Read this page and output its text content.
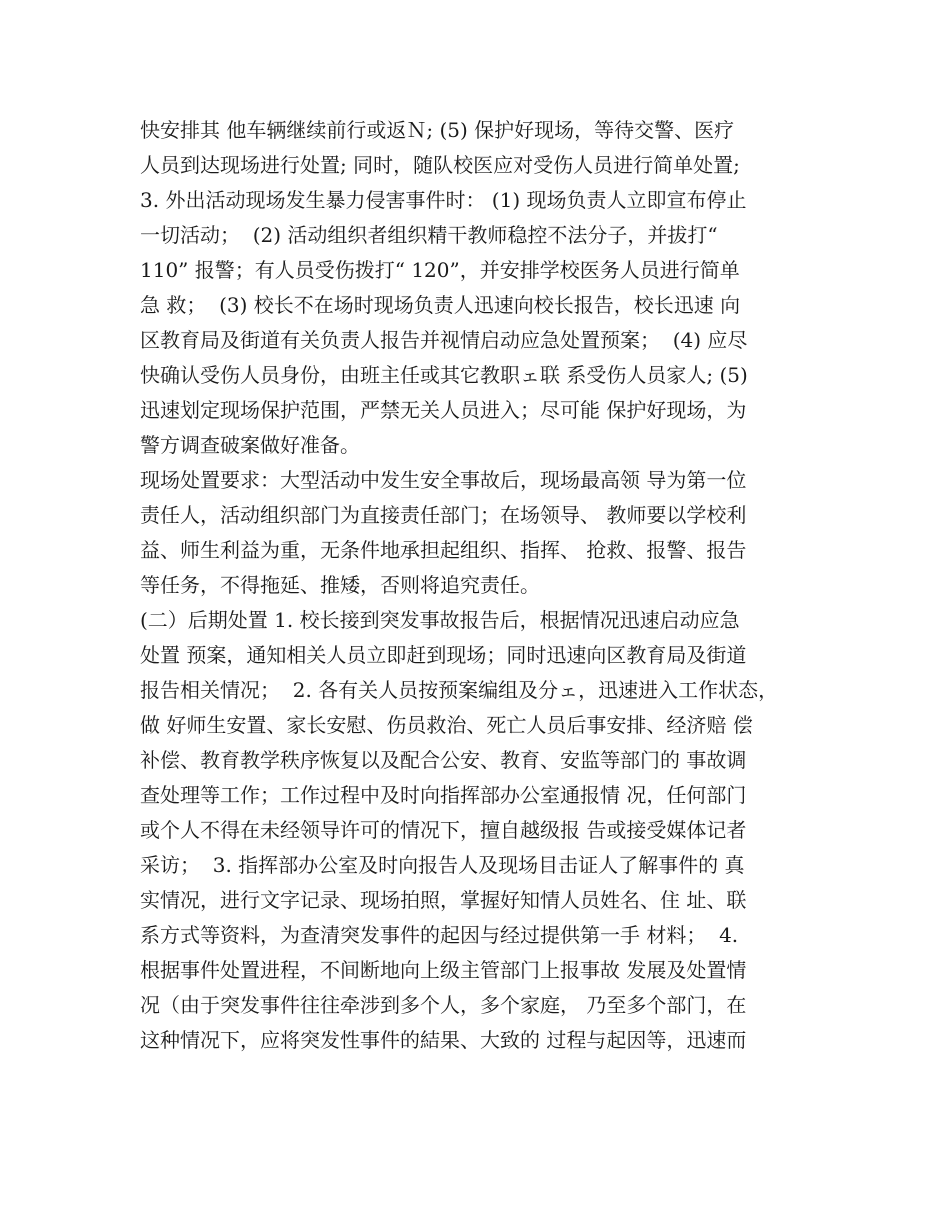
快安排其 他车辆继续前行或返Ｎ; (5) 保护好现场，等待交警、医疗
人员到达现场进行处置; 同时，随队校医应对受伤人员进行简单处置;
3. 外出活动现场发生暴力侵害事件时： (1) 现场负责人立即宣布停止
一切活动；  (2) 活动组织者组织精干教师稳控不法分子，并拔打“
110” 报警；有人员受伤拨打“ 120”，并安排学校医务人员进行简单
急 救；  (3) 校长不在场时现场负责人迅速向校长报告，校长迅速 向
区教育局及街道有关负责人报告并视情启动应急处置预案；  (4) 应尽
快确认受伤人员身份，由班主任或其它教职ェ联 系受伤人员家人; (5)
迅速划定现场保护范围，严禁无关人员进入；尽可能 保护好现场，为
警方调查破案做好准备。
现场处置要求：大型活动中发生安全事故后，现场最高领 导为第一位
责任人，活动组织部门为直接责任部门；在场领导、 教师要以学校利
益、师生利益为重，无条件地承担起组织、指挥、 抢救、报警、报告
等任务，不得拖延、推矮，否则将追究责任。
(二）后期处置 1. 校长接到突发事故报告后，根据情况迅速启动应急
处置 预案，通知相关人员立即赶到现场；同时迅速向区教育局及街道
报告相关情况；  2. 各有关人员按预案编组及分ェ，迅速进入工作状态，
做 好师生安置、家长安慰、伤员救治、死亡人员后事安排、经济赔 偿
补偿、教育教学秩序恢复以及配合公安、教育、安监等部门的 事故调
查处理等工作；工作过程中及时向指挥部办公室通报情 况，任何部门
或个人不得在未经领导许可的情况下，擅自越级报 告或接受媒体记者
采访；  3. 指挥部办公室及时向报告人及现场目击证人了解事件的 真
实情况，进行文字记录、现场拍照，掌握好知情人员姓名、住 址、联
系方式等资料，为查清突发事件的起因与经过提供第一手 材料；  4.
根据事件处置进程，不间断地向上级主管部门上报事故 发展及处置情
况（由于突发事件往往牵涉到多个人，多个家庭， 乃至多个部门，在
这种情况下，应将突发性事件的結果、大致的 过程与起因等，迅速而
